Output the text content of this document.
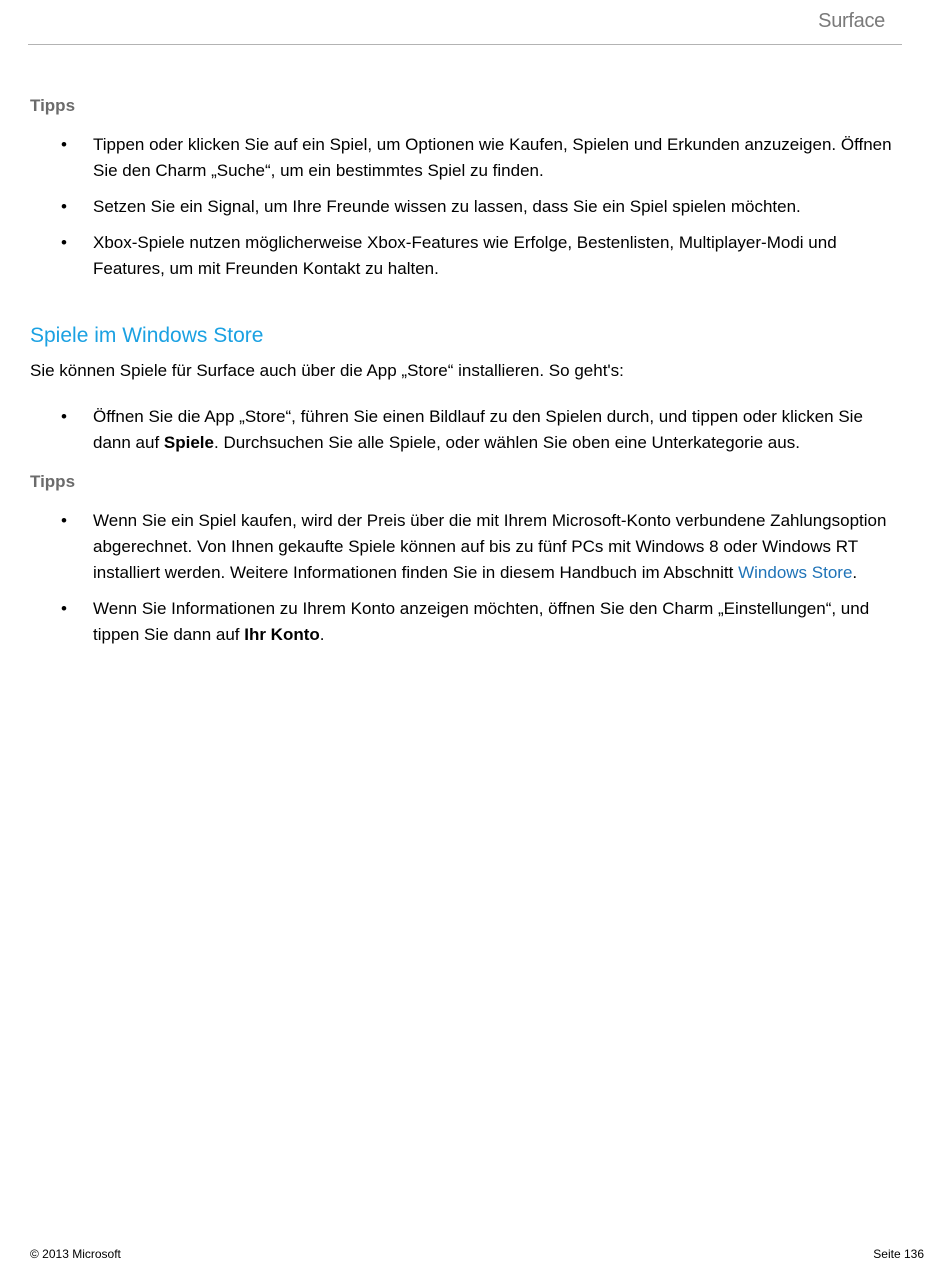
Surface

Tipps

• Tippen oder klicken Sie auf ein Spiel, um Optionen wie Kaufen, Spielen und Erkunden anzuzeigen. Öffnen Sie den Charm „Suche“, um ein bestimmtes Spiel zu finden.
• Setzen Sie ein Signal, um Ihre Freunde wissen zu lassen, dass Sie ein Spiel spielen möchten.
• Xbox-Spiele nutzen möglicherweise Xbox-Features wie Erfolge, Bestenlisten, Multiplayer-Modi und Features, um mit Freunden Kontakt zu halten.

Spiele im Windows Store

Sie können Spiele für Surface auch über die App „Store“ installieren. So geht's:

• Öffnen Sie die App „Store“, führen Sie einen Bildlauf zu den Spielen durch, und tippen oder klicken Sie dann auf Spiele. Durchsuchen Sie alle Spiele, oder wählen Sie oben eine Unterkategorie aus.

Tipps

• Wenn Sie ein Spiel kaufen, wird der Preis über die mit Ihrem Microsoft-Konto verbundene Zahlungsoption abgerechnet. Von Ihnen gekaufte Spiele können auf bis zu fünf PCs mit Windows 8 oder Windows RT installiert werden. Weitere Informationen finden Sie in diesem Handbuch im Abschnitt Windows Store.
• Wenn Sie Informationen zu Ihrem Konto anzeigen möchten, öffnen Sie den Charm „Einstellungen“, und tippen Sie dann auf Ihr Konto.
© 2013 Microsoft	Seite 136
